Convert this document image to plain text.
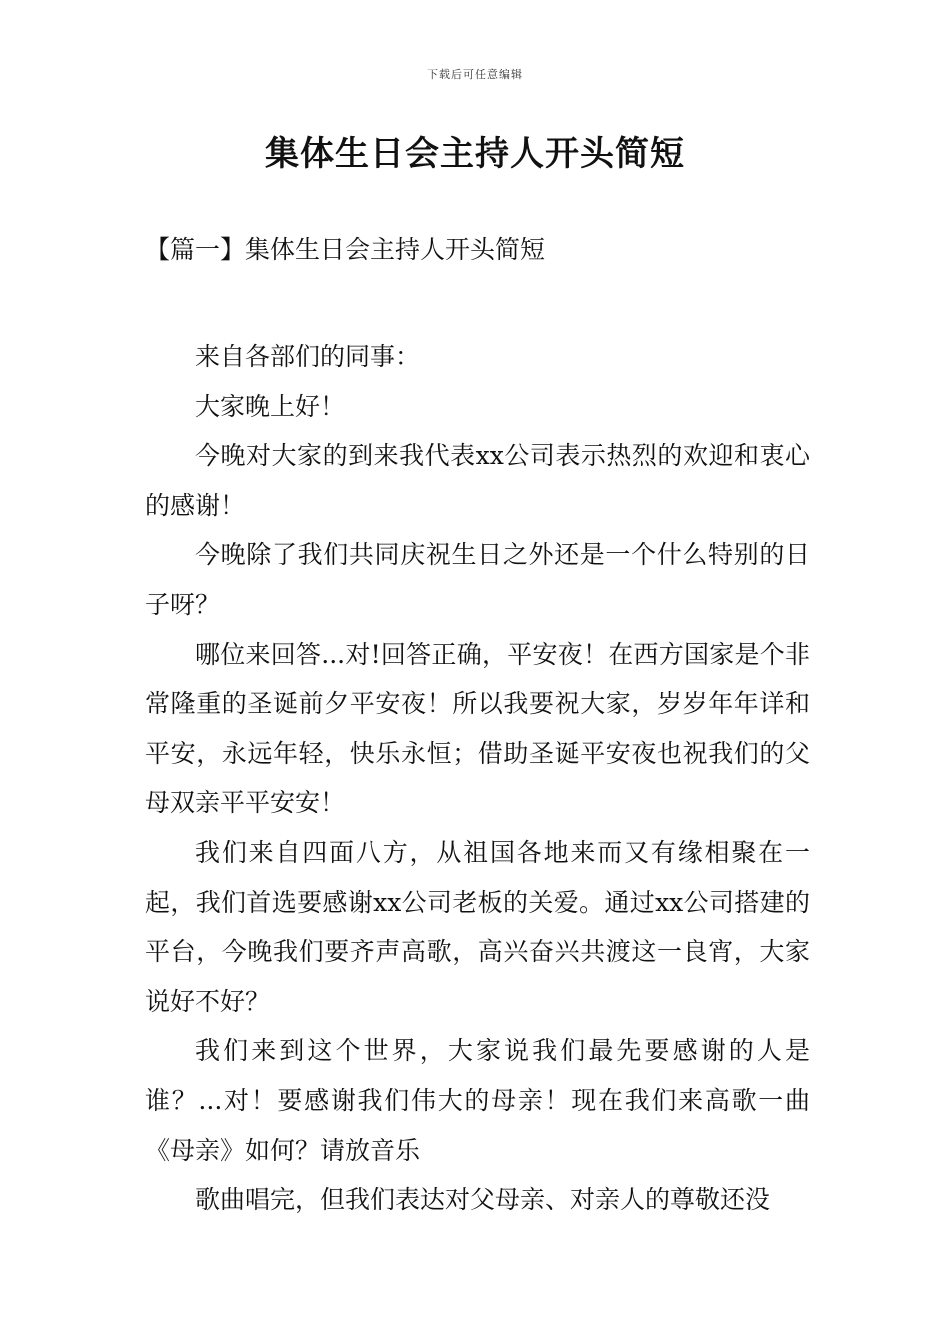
下载后可任意编辑
集体生日会主持人开头简短
【篇一】集体生日会主持人开头简短

来自各部们的同事：

大家晚上好！

今晚对大家的到来我代表xx公司表示热烈的欢迎和衷心的感谢！

今晚除了我们共同庆祝生日之外还是一个什么特别的日子呀？

哪位来回答...对!回答正确，平安夜！在西方国家是个非常隆重的圣诞前夕平安夜！所以我要祝大家，岁岁年年详和平安，永远年轻，快乐永恒；借助圣诞平安夜也祝我们的父母双亲平平安安！

我们来自四面八方，从祖国各地来而又有缘相聚在一起，我们首选要感谢xx公司老板的关爱。通过xx公司搭建的平台，今晚我们要齐声高歌，高兴奋兴共渡这一良宵，大家说好不好？

我们来到这个世界，大家说我们最先要感谢的人是谁？...对！要感谢我们伟大的母亲！现在我们来高歌一曲《母亲》如何？请放音乐

歌曲唱完，但我们表达对父母亲、对亲人的尊敬还没
